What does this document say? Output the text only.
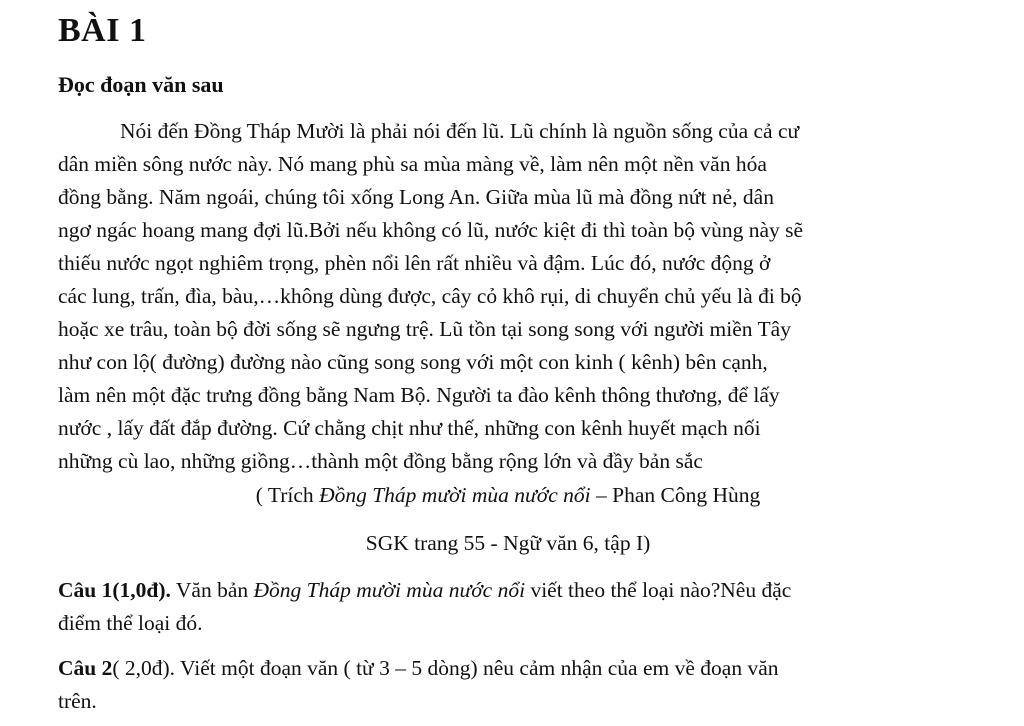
BÀI 1
Đọc đoạn văn sau
Nói đến Đồng Tháp Mười là phải nói đến lũ. Lũ chính là nguồn sống của cả cư
dân miền sông nước này. Nó mang phù sa mùa màng về, làm nên một nền văn hóa
đồng bằng. Năm ngoái, chúng tôi xống Long An. Giữa mùa lũ mà đồng nứt nẻ, dân
ngơ ngác hoang mang đợi lũ.Bởi nếu không có lũ, nước kiệt đi thì toàn bộ vùng này sẽ
thiếu nước ngọt nghiêm trọng, phèn nổi lên rất nhiều và đậm. Lúc đó, nước động ở
các lung, trấn, đìa, bàu,…không dùng được, cây cỏ khô rụi, di chuyển chủ yếu là đi bộ
hoặc xe trâu, toàn bộ đời sống sẽ ngưng trệ. Lũ tồn tại song song với người miền Tây
như con lộ( đường) đường nào cũng song song với một con kinh ( kênh) bên cạnh,
làm nên một đặc trưng đồng bằng Nam Bộ. Người ta đào kênh thông thương, để lấy
nước , lấy đất đắp đường. Cứ chằng chịt như thế, những con kênh huyết mạch nối
những cù lao, những giồng…thành một đồng bằng rộng lớn và đầy bản sắc
( Trích Đồng Tháp mười mùa nước nổi – Phan Công Hùng
SGK trang 55 - Ngữ văn 6, tập I)
Câu 1(1,0đ). Văn bản Đồng Tháp mười mùa nước nổi viết theo thể loại nào?Nêu đặc
điểm thể loại đó.
Câu 2( 2,0đ). Viết một đoạn văn ( từ 3 – 5 dòng) nêu cảm nhận của em về đoạn văn
trên.
